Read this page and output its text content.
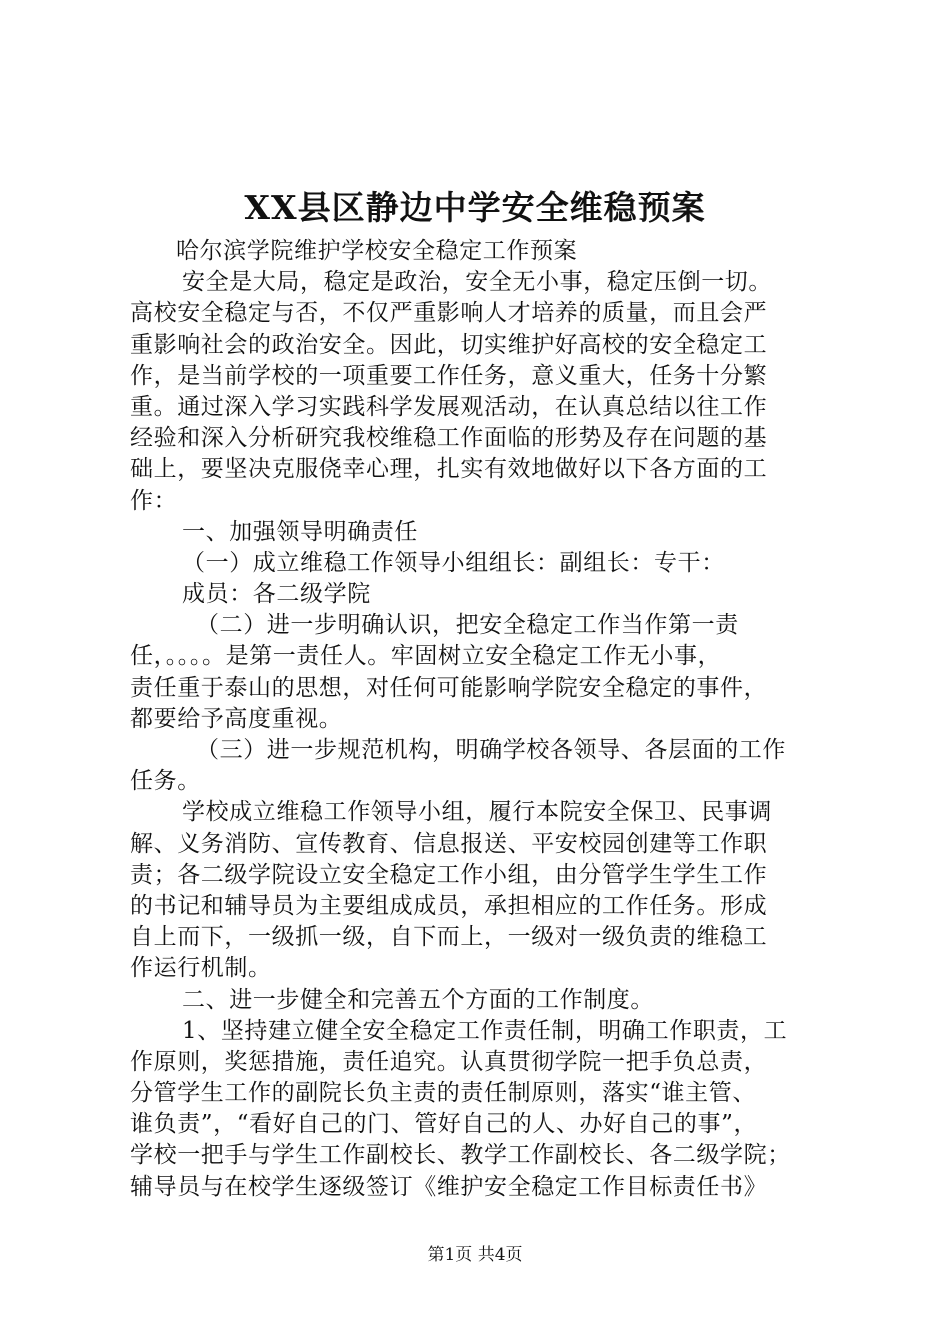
XX县区静边中学安全维稳预案
哈尔滨学院维护学校安全稳定工作预案
安全是大局，稳定是政治，安全无小事，稳定压倒一切。
高校安全稳定与否，不仅严重影响人才培养的质量，而且会严
重影响社会的政治安全。因此，切实维护好高校的安全稳定工
作，是当前学校的一项重要工作任务，意义重大，任务十分繁
重。通过深入学习实践科学发展观活动，在认真总结以往工作
经验和深入分析研究我校维稳工作面临的形势及存在问题的基
础上，要坚决克服侥幸心理，扎实有效地做好以下各方面的工
作：
一、加强领导明确责任
（一）成立维稳工作领导小组组长：副组长：专干：
成员：各二级学院
（二）进一步明确认识，把安全稳定工作当作第一责
任，。。。。是第一责任人。牢固树立安全稳定工作无小事，
责任重于泰山的思想，对任何可能影响学院安全稳定的事件，
都要给予高度重视。
（三）进一步规范机构，明确学校各领导、各层面的工作
任务。
学校成立维稳工作领导小组，履行本院安全保卫、民事调
解、义务消防、宣传教育、信息报送、平安校园创建等工作职
责；各二级学院设立安全稳定工作小组，由分管学生学生工作
的书记和辅导员为主要组成成员，承担相应的工作任务。形成
自上而下，一级抓一级，自下而上，一级对一级负责的维稳工
作运行机制。
二、进一步健全和完善五个方面的工作制度。
1、坚持建立健全安全稳定工作责任制，明确工作职责，工
作原则，奖惩措施，责任追究。认真贯彻学院一把手负总责，
分管学生工作的副院长负主责的责任制原则，落实“谁主管、
谁负责”，“看好自己的门、管好自己的人、办好自己的事”，
学校一把手与学生工作副校长、教学工作副校长、各二级学院；
辅导员与在校学生逐级签订《维护安全稳定工作目标责任书》
第1页 共4页
